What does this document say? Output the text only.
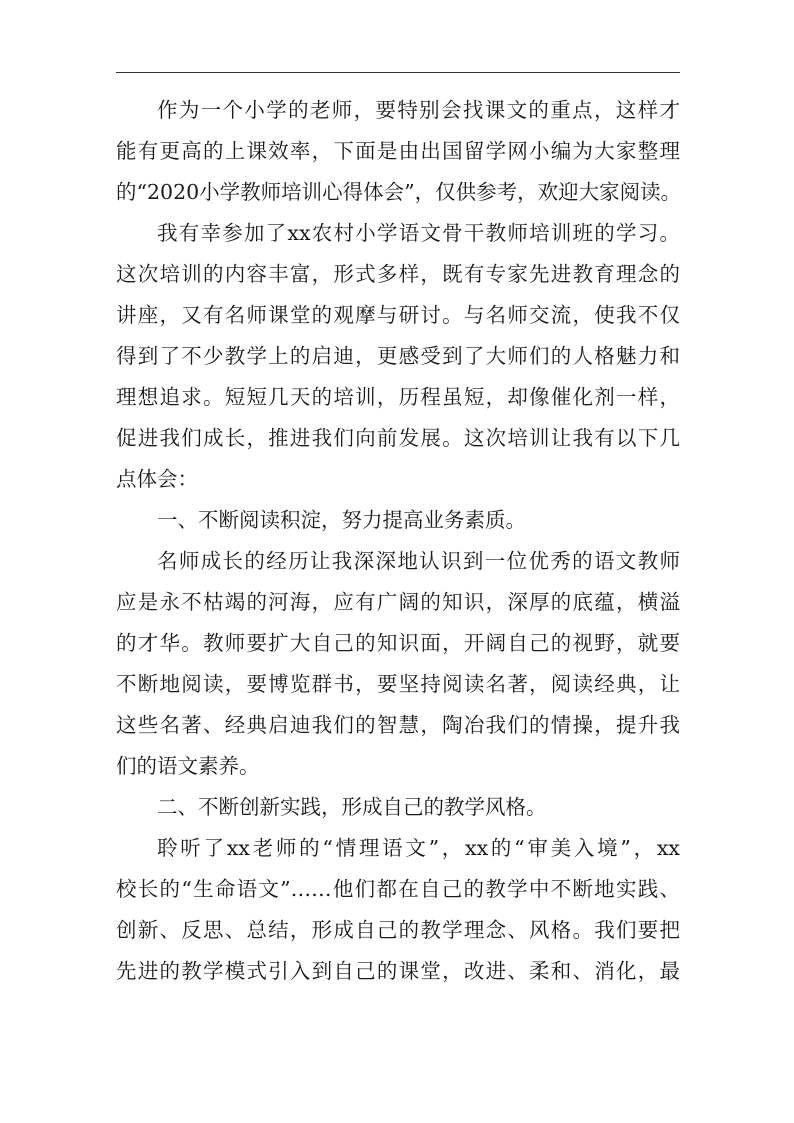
作为一个小学的老师，要特别会找课文的重点，这样才
能有更高的上课效率，下面是由出国留学网小编为大家整理
的“2020小学教师培训心得体会”，仅供参考，欢迎大家阅读。
我有幸参加了xx农村小学语文骨干教师培训班的学习。
这次培训的内容丰富，形式多样，既有专家先进教育理念的
讲座，又有名师课堂的观摩与研讨。与名师交流，使我不仅
得到了不少教学上的启迪，更感受到了大师们的人格魅力和
理想追求。短短几天的培训，历程虽短，却像催化剂一样，
促进我们成长，推进我们向前发展。这次培训让我有以下几
点体会：
一、不断阅读积淀，努力提高业务素质。
名师成长的经历让我深深地认识到一位优秀的语文教师
应是永不枯竭的河海，应有广阔的知识，深厚的底蕴，横溢
的才华。教师要扩大自己的知识面，开阔自己的视野，就要
不断地阅读，要博览群书，要坚持阅读名著，阅读经典，让
这些名著、经典启迪我们的智慧，陶冶我们的情操，提升我
们的语文素养。
二、不断创新实践，形成自己的教学风格。
聆听了xx老师的“情理语文”，xx的“审美入境”，xx
校长的“生命语文”……他们都在自己的教学中不断地实践、
创新、反思、总结，形成自己的教学理念、风格。我们要把
先进的教学模式引入到自己的课堂，改进、柔和、消化，最
